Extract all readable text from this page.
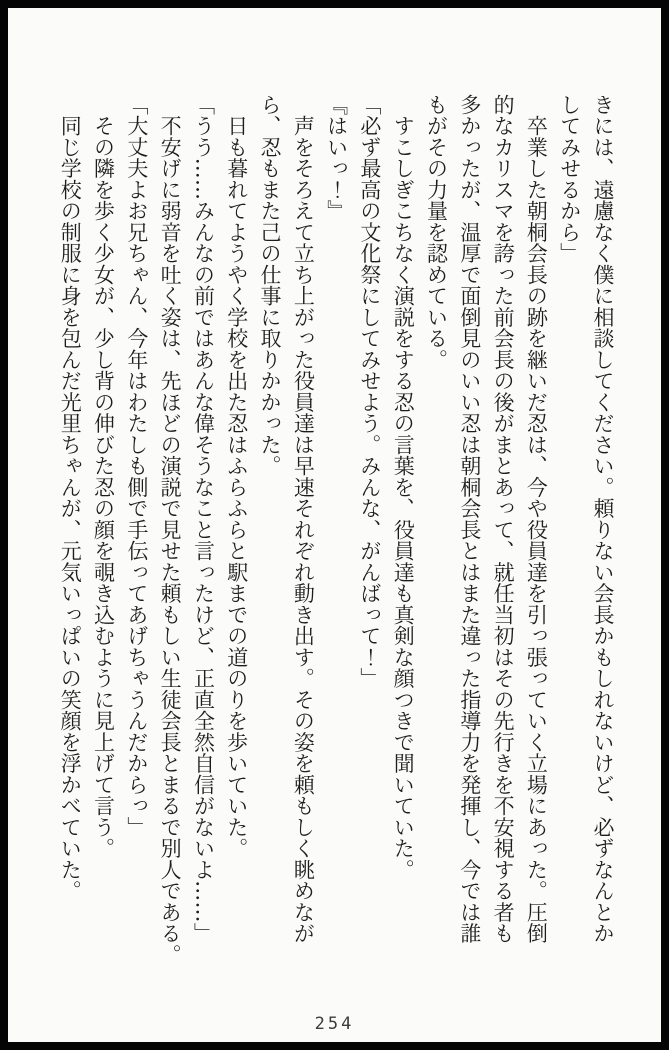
きには、遠慮なく僕に相談してください。頼りない会長かもしれないけど、必ずなんとか
してみせるから」
　卒業した朝桐会長の跡を継いだ忍は、今や役員達を引っ張っていく立場にあった。圧倒
的なカリスマを誇った前会長の後がまとあって、就任当初はその先行きを不安視する者も
多かったが、温厚で面倒見のいい忍は朝桐会長とはまた違った指導力を発揮し、今では誰
もがその力量を認めている。
　すこしぎこちなく演説をする忍の言葉を、役員達も真剣な顔つきで聞いていた。
「必ず最高の文化祭にしてみせよう。みんな、がんばって！」
『はいっ！』
　声をそろえて立ち上がった役員達は早速それぞれ動き出す。その姿を頼もしく眺めなが
ら、忍もまた己の仕事に取りかかった。
　日も暮れてようやく学校を出た忍はふらふらと駅までの道のりを歩いていた。
「うう……みんなの前ではあんな偉そうなこと言ったけど、正直全然自信がないよ……」
　不安げに弱音を吐く姿は、先ほどの演説で見せた頼もしい生徒会長とまるで別人である。
「大丈夫よお兄ちゃん、今年はわたしも側で手伝ってあげちゃうんだからっ」
　その隣を歩く少女が、少し背の伸びた忍の顔を覗き込むように見上げて言う。
　同じ学校の制服に身を包んだ光里ちゃんが、元気いっぱいの笑顔を浮かべていた。
254
